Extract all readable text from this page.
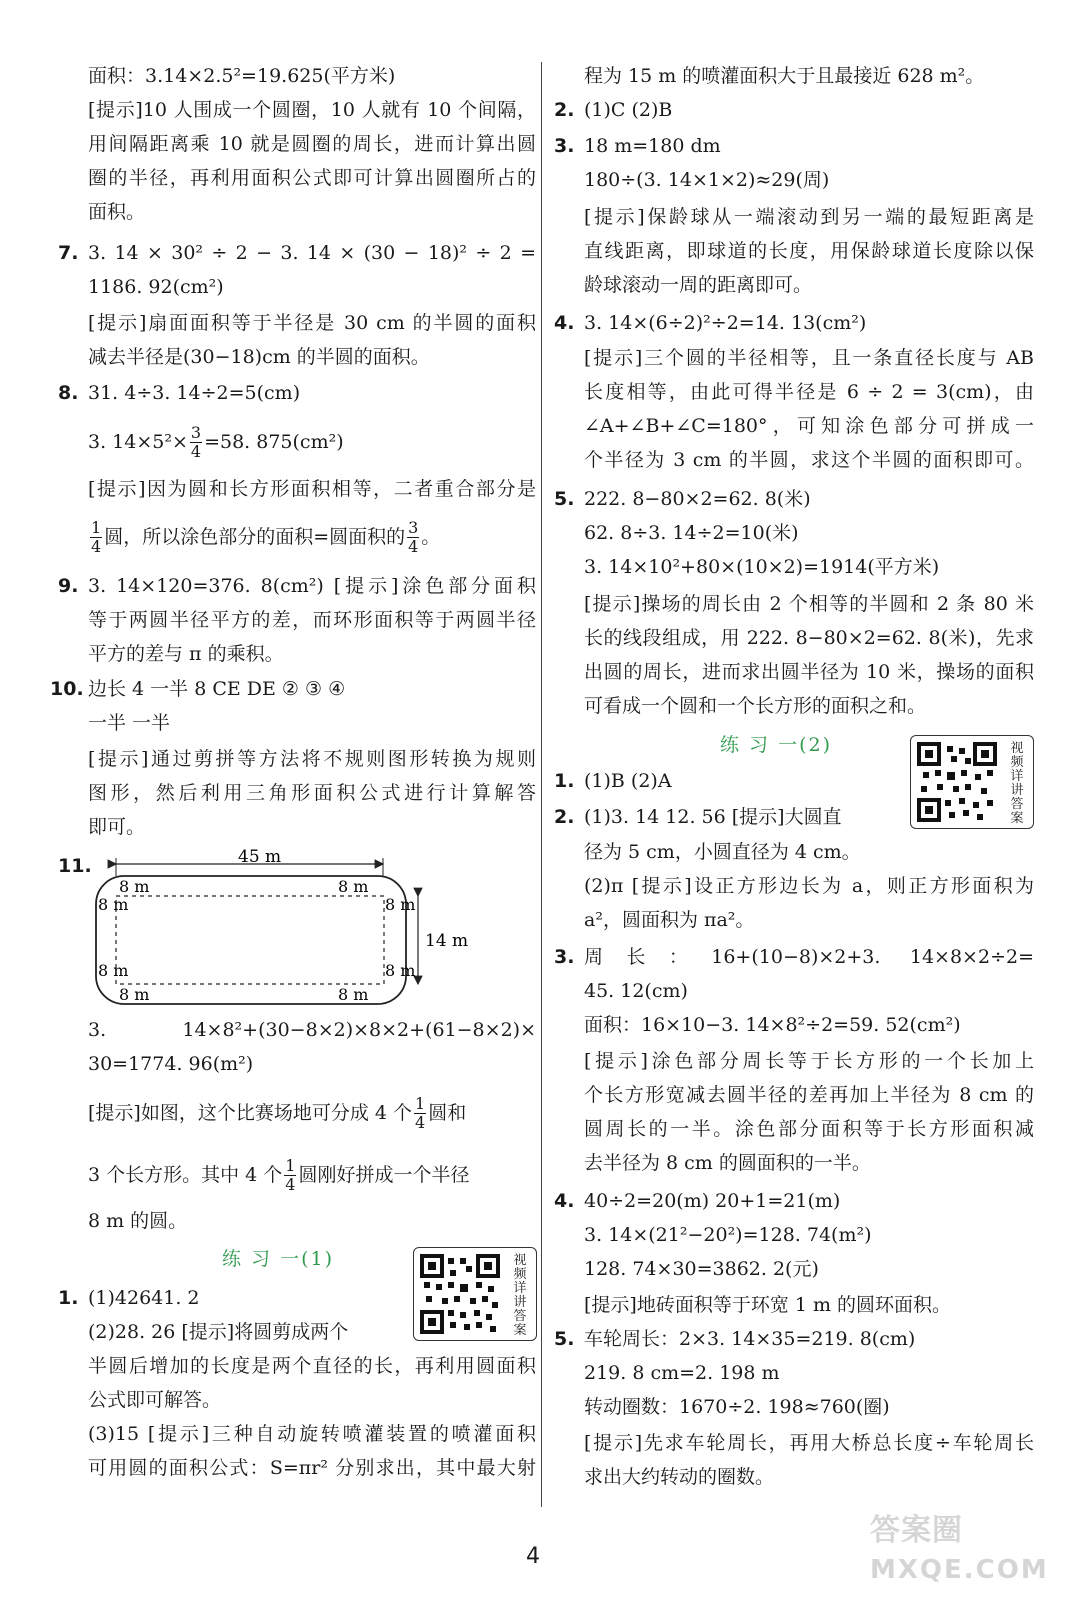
面积：3.14×2.5²=19.625(平方米)
[提示]10 人围成一个圆圈，10 人就有 10 个间隔，
用间隔距离乘 10 就是圆圈的周长，进而计算出圆
圈的半径，再利用面积公式即可计算出圆圈所占的
面积。
7. 3. 14 × 30² ÷ 2 − 3. 14 × (30 − 18)² ÷ 2 =
1186. 92(cm²)
[提示]扇面面积等于半径是 30 cm 的半圆的面积
减去半径是(30−18)cm 的半圆的面积。
8. 31. 4÷3. 14÷2=5(cm)
3. $14\times 5^2\times \frac{3}{4} =58$. 875(cm²)
[提示]因为圆和长方形面积相等，二者重合部分是
$\frac{1}{4}$ 圆，所以涂色部分的面积=圆面积的 $\frac{3}{4}$ 。
9. 3. 14×120=376. 8(cm²) [提示]涂色部分面积
等于两圆半径平方的差，而环形面积等于两圆半径
平方的差与 π 的乘积。
10. 边长 4 一半 8 CE DE ② ③ ④
一半 一半
[提示]通过剪拼等方法将不规则图形转换为规则
图形，然后利用三角形面积公式进行计算解答
即可。
11.	45 m
14 m
8 m	8 m
8 m	8 m
8 m	8 m
8 m	8 m
3. 14×8²+(30−8×2)×8×2+(61−8×2)×
30=1774. 96(m²)
[提示]如图，这个比赛场地可分成 4 个 $\frac{1}{4}$ 圆和
3 个长方形。其中 4 个 $\frac{1}{4}$ 圆刚好拼成一个半径
8 m 的圆。
练 习 一(1)	视频详讲答案
1. (1)42641. 2
(2)28. 26 [提示]将圆剪成两个
半圆后增加的长度是两个直径的长，再利用圆面积
公式即可解答。
(3)15 [提示]三种自动旋转喷灌装置的喷灌面积
可用圆的面积公式：S=πr² 分别求出，其中最大射
程为 15 m 的喷灌面积大于且最接近 628 m²。
2. (1)C (2)B
3. 18 m=180 dm
180÷(3. 14×1×2)≈29(周)
[提示]保龄球从一端滚动到另一端的最短距离是
直线距离，即球道的长度，用保龄球道长度除以保
龄球滚动一周的距离即可。
4. 3. 14×(6÷2)²÷2=14. 13(cm²)
[提示]三个圆的半径相等，且一条直径长度与 AB
长度相等，由此可得半径是 6 ÷ 2 = 3(cm)，由
∠A+∠B+∠C=180°，可知涂色部分可拼成一
个半径为 3 cm 的半圆，求这个半圆的面积即可。
5. 222. 8−80×2=62. 8(米)
62. 8÷3. 14÷2=10(米)
3. 14×10²+80×(10×2)=1914(平方米)
[提示]操场的周长由 2 个相等的半圆和 2 条 80 米
长的线段组成，用 222. 8−80×2=62. 8(米)，先求
出圆的周长，进而求出圆半径为 10 米，操场的面积
可看成一个圆和一个长方形的面积之和。
练 习 一(2)	视频详讲答案
1. (1)B (2)A
2. (1)3. 14 12. 56 [提示]大圆直
径为 5 cm，小圆直径为 4 cm。
(2)π [提示]设正方形边长为 a，则正方形面积为
a²，圆面积为 πa²。
3. 周长：16+(10−8)×2+3. 14×8×2÷2=
45. 12(cm)
面积：16×10−3. 14×8²÷2=59. 52(cm²)
[提示]涂色部分周长等于长方形的一个长加上
个长方形宽减去圆半径的差再加上半径为 8 cm 的
圆周长的一半。涂色部分面积等于长方形面积减
去半径为 8 cm 的圆面积的一半。
4. 40÷2=20(m) 20+1=21(m)
3. 14×(21²−20²)=128. 74(m²)
128. 74×30=3862. 2(元)
[提示]地砖面积等于环宽 1 m 的圆环面积。
5. 车轮周长：2×3. 14×35=219. 8(cm)
219. 8 cm=2. 198 m
转动圈数：1670÷2. 198≈760(圈)
[提示]先求车轮周长，再用大桥总长度÷车轮周长
求出大约转动的圈数。
4
答案圈
MXQE.COM
